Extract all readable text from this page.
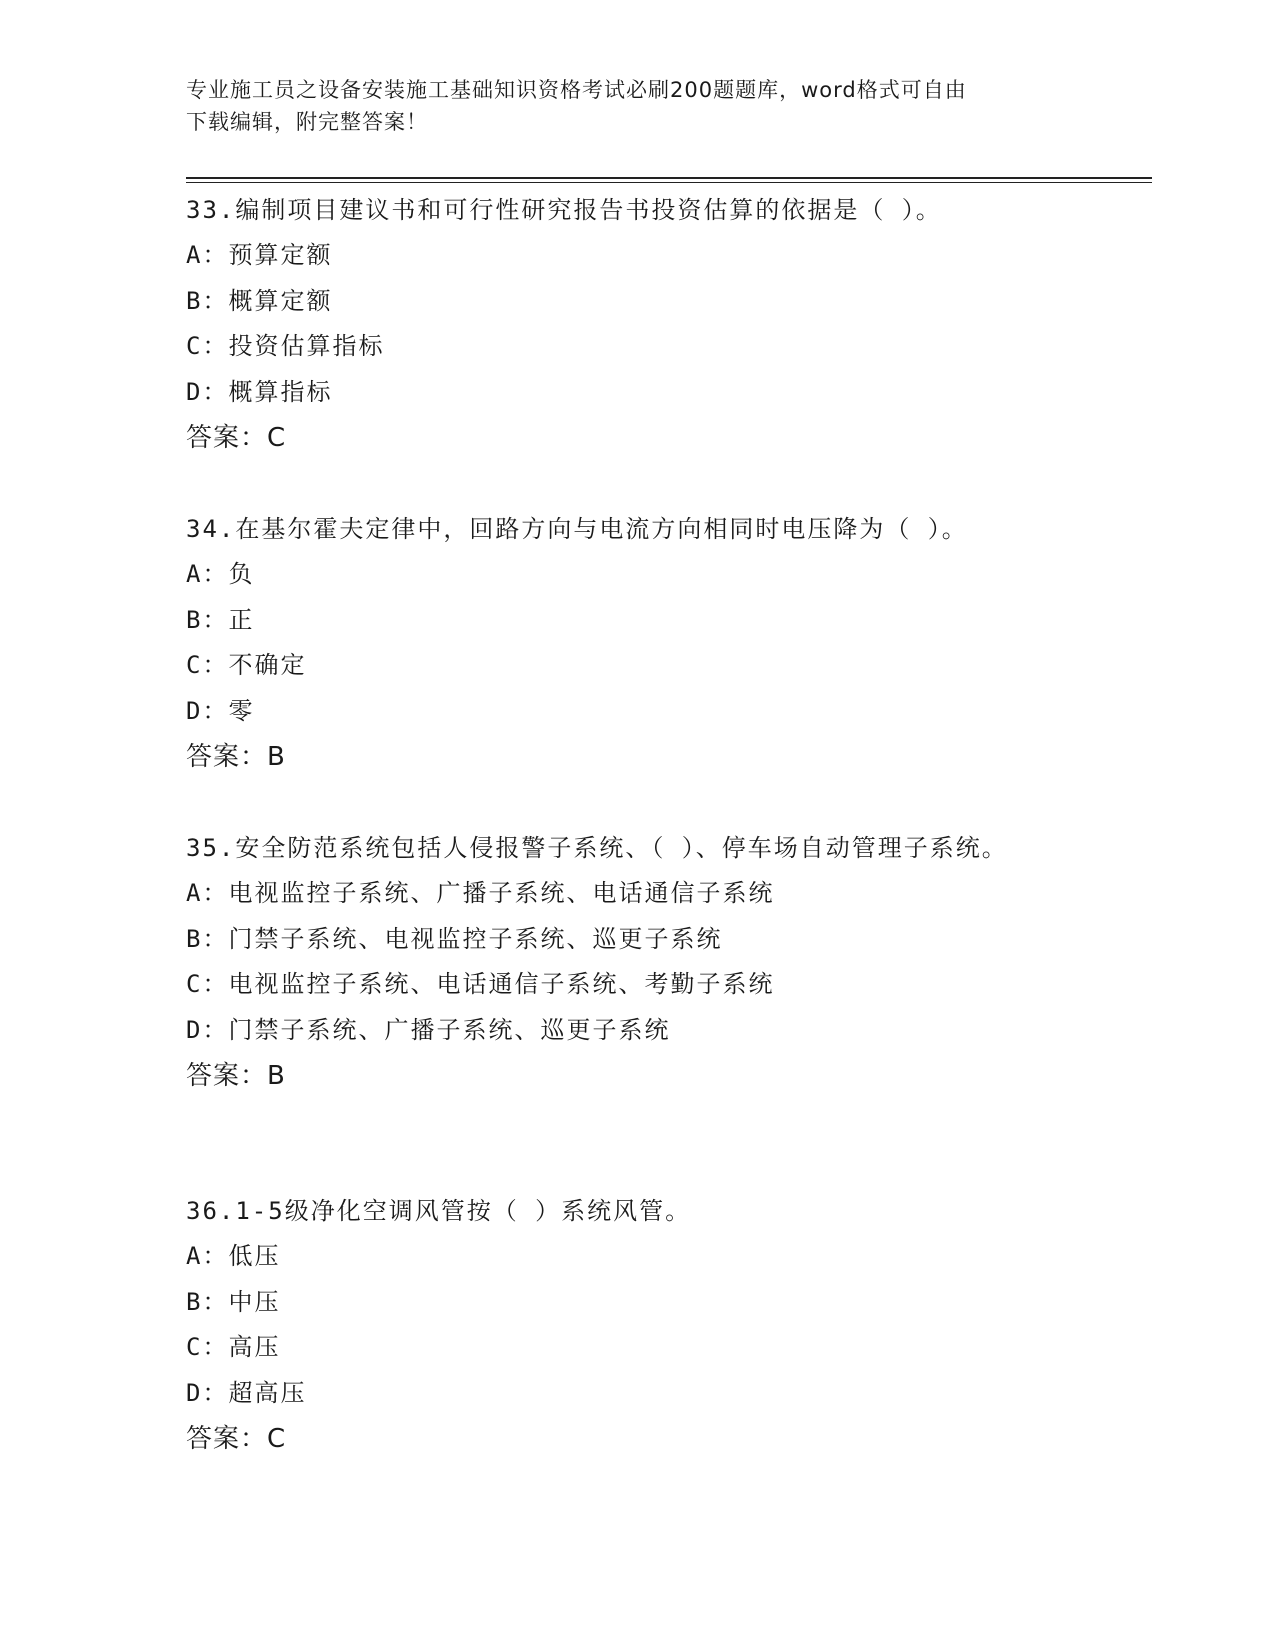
专业施工员之设备安装施工基础知识资格考试必刷200题题库，word格式可自由
下载编辑，附完整答案！

33.编制项目建议书和可行性研究报告书投资估算的依据是（ ）。

A：预算定额

B：概算定额

C：投资估算指标

D：概算指标

答案：C

34.在基尔霍夫定律中，回路方向与电流方向相同时电压降为（ ）。

A：负

B：正

C：不确定

D：零

答案：B

35.安全防范系统包括人侵报警子系统、（ ）、停车场自动管理子系统。

A：电视监控子系统、广播子系统、电话通信子系统

B：门禁子系统、电视监控子系统、巡更子系统

C：电视监控子系统、电话通信子系统、考勤子系统

D：门禁子系统、广播子系统、巡更子系统

答案：B

36.1-5级净化空调风管按（ ）系统风管。

A：低压

B：中压

C：高压

D：超高压

答案：C
